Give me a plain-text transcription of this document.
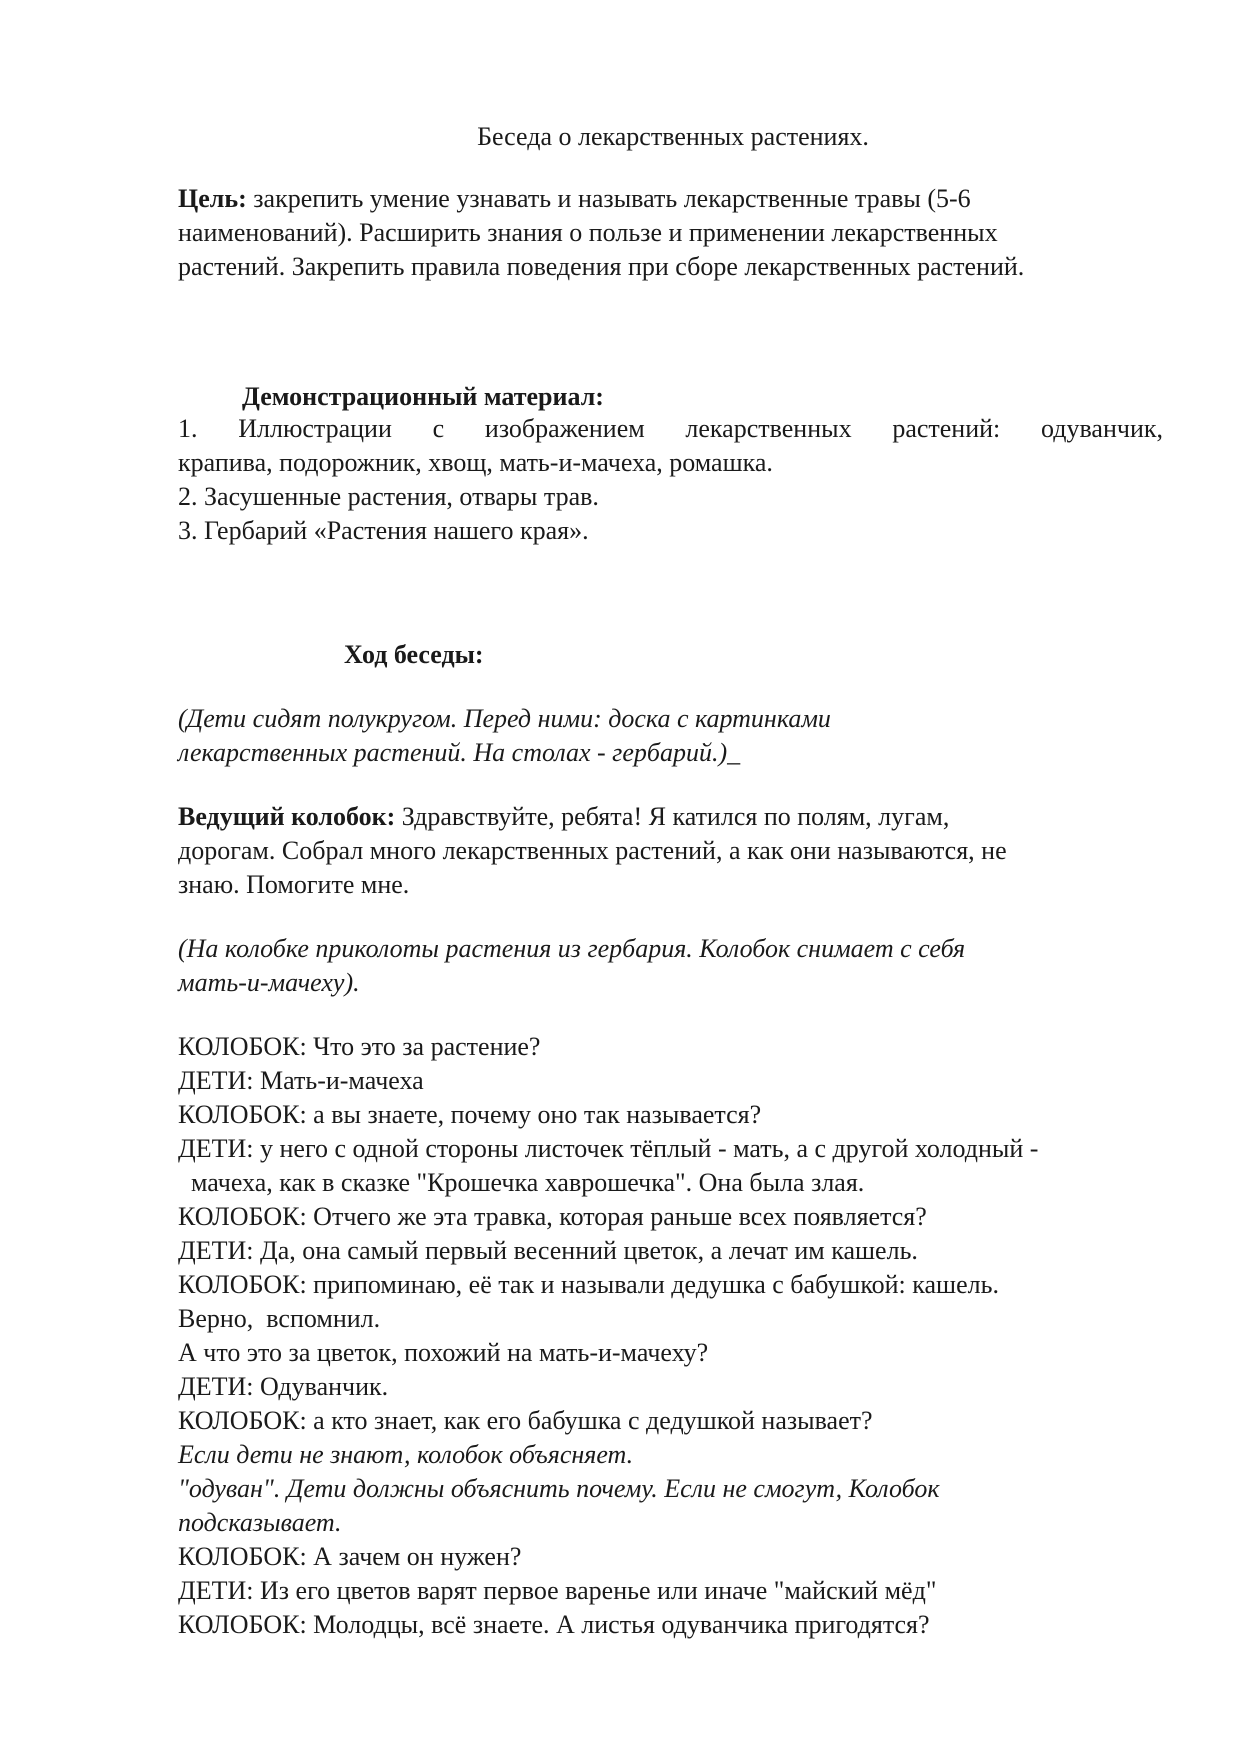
Беседа о лекарственных растениях.
Цель: закрепить умение узнавать и называть лекарственные травы (5-6
наименований). Расширить знания о пользе и применении лекарственных
растений. Закрепить правила поведения при сборе лекарственных растений.
Демонстрационный материал:
1. Иллюстрации с изображением лекарственных растений: одуванчик,
крапива, подорожник, хвощ, мать-и-мачеха, ромашка.
2. Засушенные растения, отвары трав.
3. Гербарий «Растения нашего края».
Ход беседы:
(Дети сидят полукругом. Перед ними: доска с картинками
лекарственных растений. На столах - гербарий.)_
Ведущий колобок: Здравствуйте, ребята! Я катился по полям, лугам,
дорогам. Собрал много лекарственных растений, а как они называются, не
знаю. Помогите мне.
(На колобке приколоты растения из гербария. Колобок снимает с себя
мать-и-мачеху).
КОЛОБОК: Что это за растение?
ДЕТИ: Мать-и-мачеха
КОЛОБОК: а вы знаете, почему оно так называется?
ДЕТИ: у него с одной стороны листочек тёплый - мать, а с другой холодный -
мачеха, как в сказке "Крошечка хаврошечка". Она была злая.
КОЛОБОК: Отчего же эта травка, которая раньше всех появляется?
ДЕТИ: Да, она самый первый весенний цветок, а лечат им кашель.
КОЛОБОК: припоминаю, её так и называли дедушка с бабушкой: кашель.
Верно,  вспомнил.
А что это за цветок, похожий на мать-и-мачеху?
ДЕТИ: Одуванчик.
КОЛОБОК: а кто знает, как его бабушка с дедушкой называет?
Если дети не знают, колобок объясняет.
"одуван". Дети должны объяснить почему. Если не смогут, Колобок
подсказывает.
КОЛОБОК: А зачем он нужен?
ДЕТИ: Из его цветов варят первое варенье или иначе "майский мёд"
КОЛОБОК: Молодцы, всё знаете. А листья одуванчика пригодятся?
